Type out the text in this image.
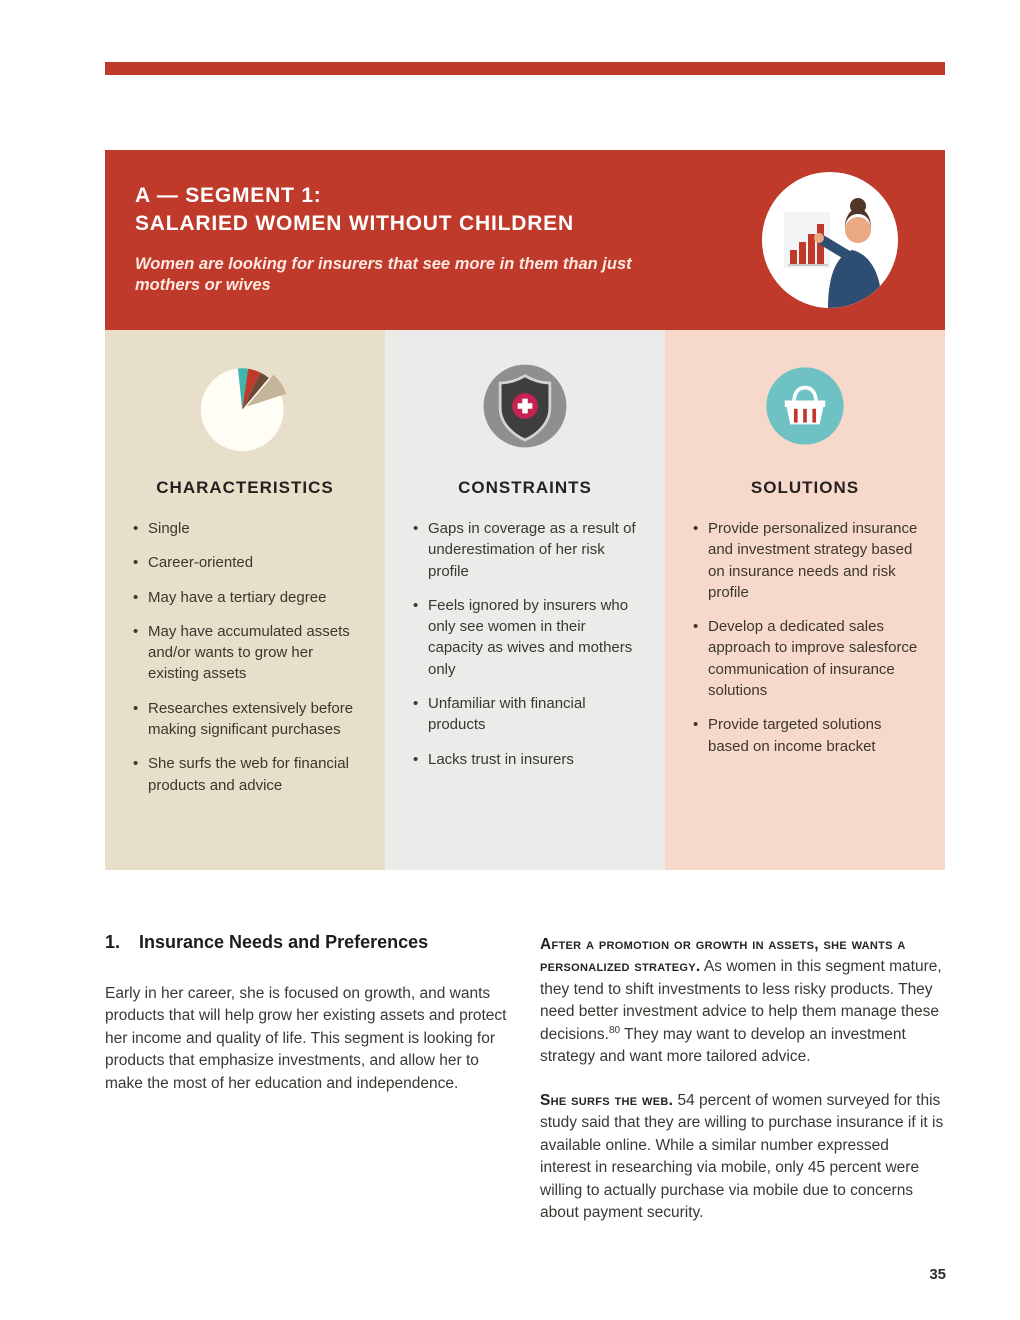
A — SEGMENT 1:
SALARIED WOMEN WITHOUT CHILDREN
Women are looking for insurers that see more in them than just mothers or wives
CHARACTERISTICS
• Single
• Career-oriented
• May have a tertiary degree
• May have accumulated assets and/or wants to grow her existing assets
• Researches extensively before making significant purchases
• She surfs the web for financial products and advice
CONSTRAINTS
• Gaps in coverage as a result of underestimation of her risk profile
• Feels ignored by insurers who only see women in their capacity as wives and mothers only
• Unfamiliar with financial products
• Lacks trust in insurers
SOLUTIONS
• Provide personalized insurance and investment strategy based on insurance needs and risk profile
• Develop a dedicated sales approach to improve salesforce communication of insurance solutions
• Provide targeted solutions based on income bracket
1.	Insurance Needs and Preferences

Early in her career, she is focused on growth, and wants products that will help grow her existing assets and protect her income and quality of life. This segment is looking for products that emphasize investments, and allow her to make the most of her education and independence.

After a promotion or growth in assets, she wants a personalized strategy. As women in this segment mature, they tend to shift investments to less risky products. They need better investment advice to help them manage these decisions.$^{80}$ They may want to develop an investment strategy and want more tailored advice.

She surfs the web. 54 percent of women surveyed for this study said that they are willing to purchase insurance if it is available online. While a similar number expressed interest in researching via mobile, only 45 percent were willing to actually purchase via mobile due to concerns about payment security.

35
